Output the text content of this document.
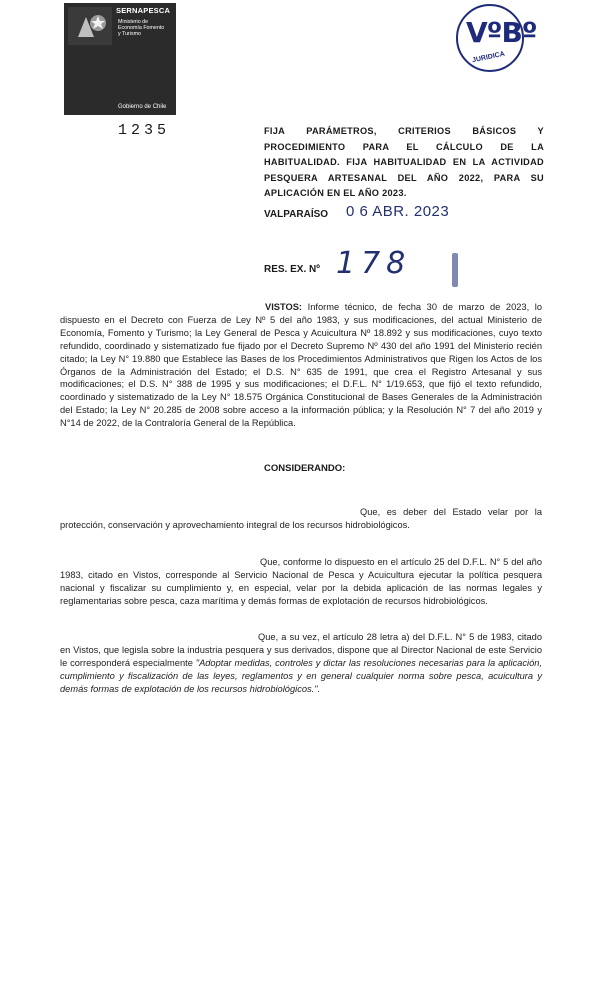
SERNAPESCA
Ministerio de
Economía Fomento
y Turismo
Gobierno de Chile
VºBº
JURIDICA
1235	FIJA PARÁMETROS, CRITERIOS BÁSICOS Y PROCEDIMIENTO PARA EL CÁLCULO DE LA HABITUALIDAD. FIJA HABITUALIDAD EN LA ACTIVIDAD PESQUERA ARTESANAL DEL AÑO 2022, PARA SU APLICACIÓN EN EL AÑO 2023.
VALPARAÍSO 0 6 ABR. 2023
RES. EX. Nº 178
VISTOS: Informe técnico, de fecha 30 de marzo de 2023, lo dispuesto en el Decreto con Fuerza de Ley Nº 5 del año 1983, y sus modificaciones, del actual Ministerio de Economía, Fomento y Turismo; la Ley General de Pesca y Acuicultura Nº 18.892 y sus modificaciones, cuyo texto refundido, coordinado y sistematizado fue fijado por el Decreto Supremo Nº 430 del año 1991 del Ministerio recién citado; la Ley N° 19.880 que Establece las Bases de los Procedimientos Administrativos que Rigen los Actos de los Órganos de la Administración del Estado; el D.S. N° 635 de 1991, que crea el Registro Artesanal y sus modificaciones; el D.S. N° 388 de 1995 y sus modificaciones; el D.F.L. N° 1/19.653, que fijó el texto refundido, coordinado y sistematizado de la Ley N° 18.575 Orgánica Constitucional de Bases Generales de la Administración del Estado; la Ley N° 20.285 de 2008 sobre acceso a la información pública; y la Resolución N° 7 del año 2019 y N°14 de 2022, de la Contraloría General de la República.
CONSIDERANDO:
Que, es deber del Estado velar por la protección, conservación y aprovechamiento integral de los recursos hidrobiológicos.
Que, conforme lo dispuesto en el artículo 25 del D.F.L. N° 5 del año 1983, citado en Vistos, corresponde al Servicio Nacional de Pesca y Acuicultura ejecutar la política pesquera nacional y fiscalizar su cumplimiento y, en especial, velar por la debida aplicación de las normas legales y reglamentarias sobre pesca, caza marítima y demás formas de explotación de recursos hidrobiológicos.
Que, a su vez, el artículo 28 letra a) del D.F.L. N° 5 de 1983, citado en Vistos, que legisla sobre la industria pesquera y sus derivados, dispone que al Director Nacional de este Servicio le corresponderá especialmente "Adoptar medidas, controles y dictar las resoluciones necesarias para la aplicación, cumplimiento y fiscalización de las leyes, reglamentos y en general cualquier norma sobre pesca, acuicultura y demás formas de explotación de los recursos hidrobiológicos.".
